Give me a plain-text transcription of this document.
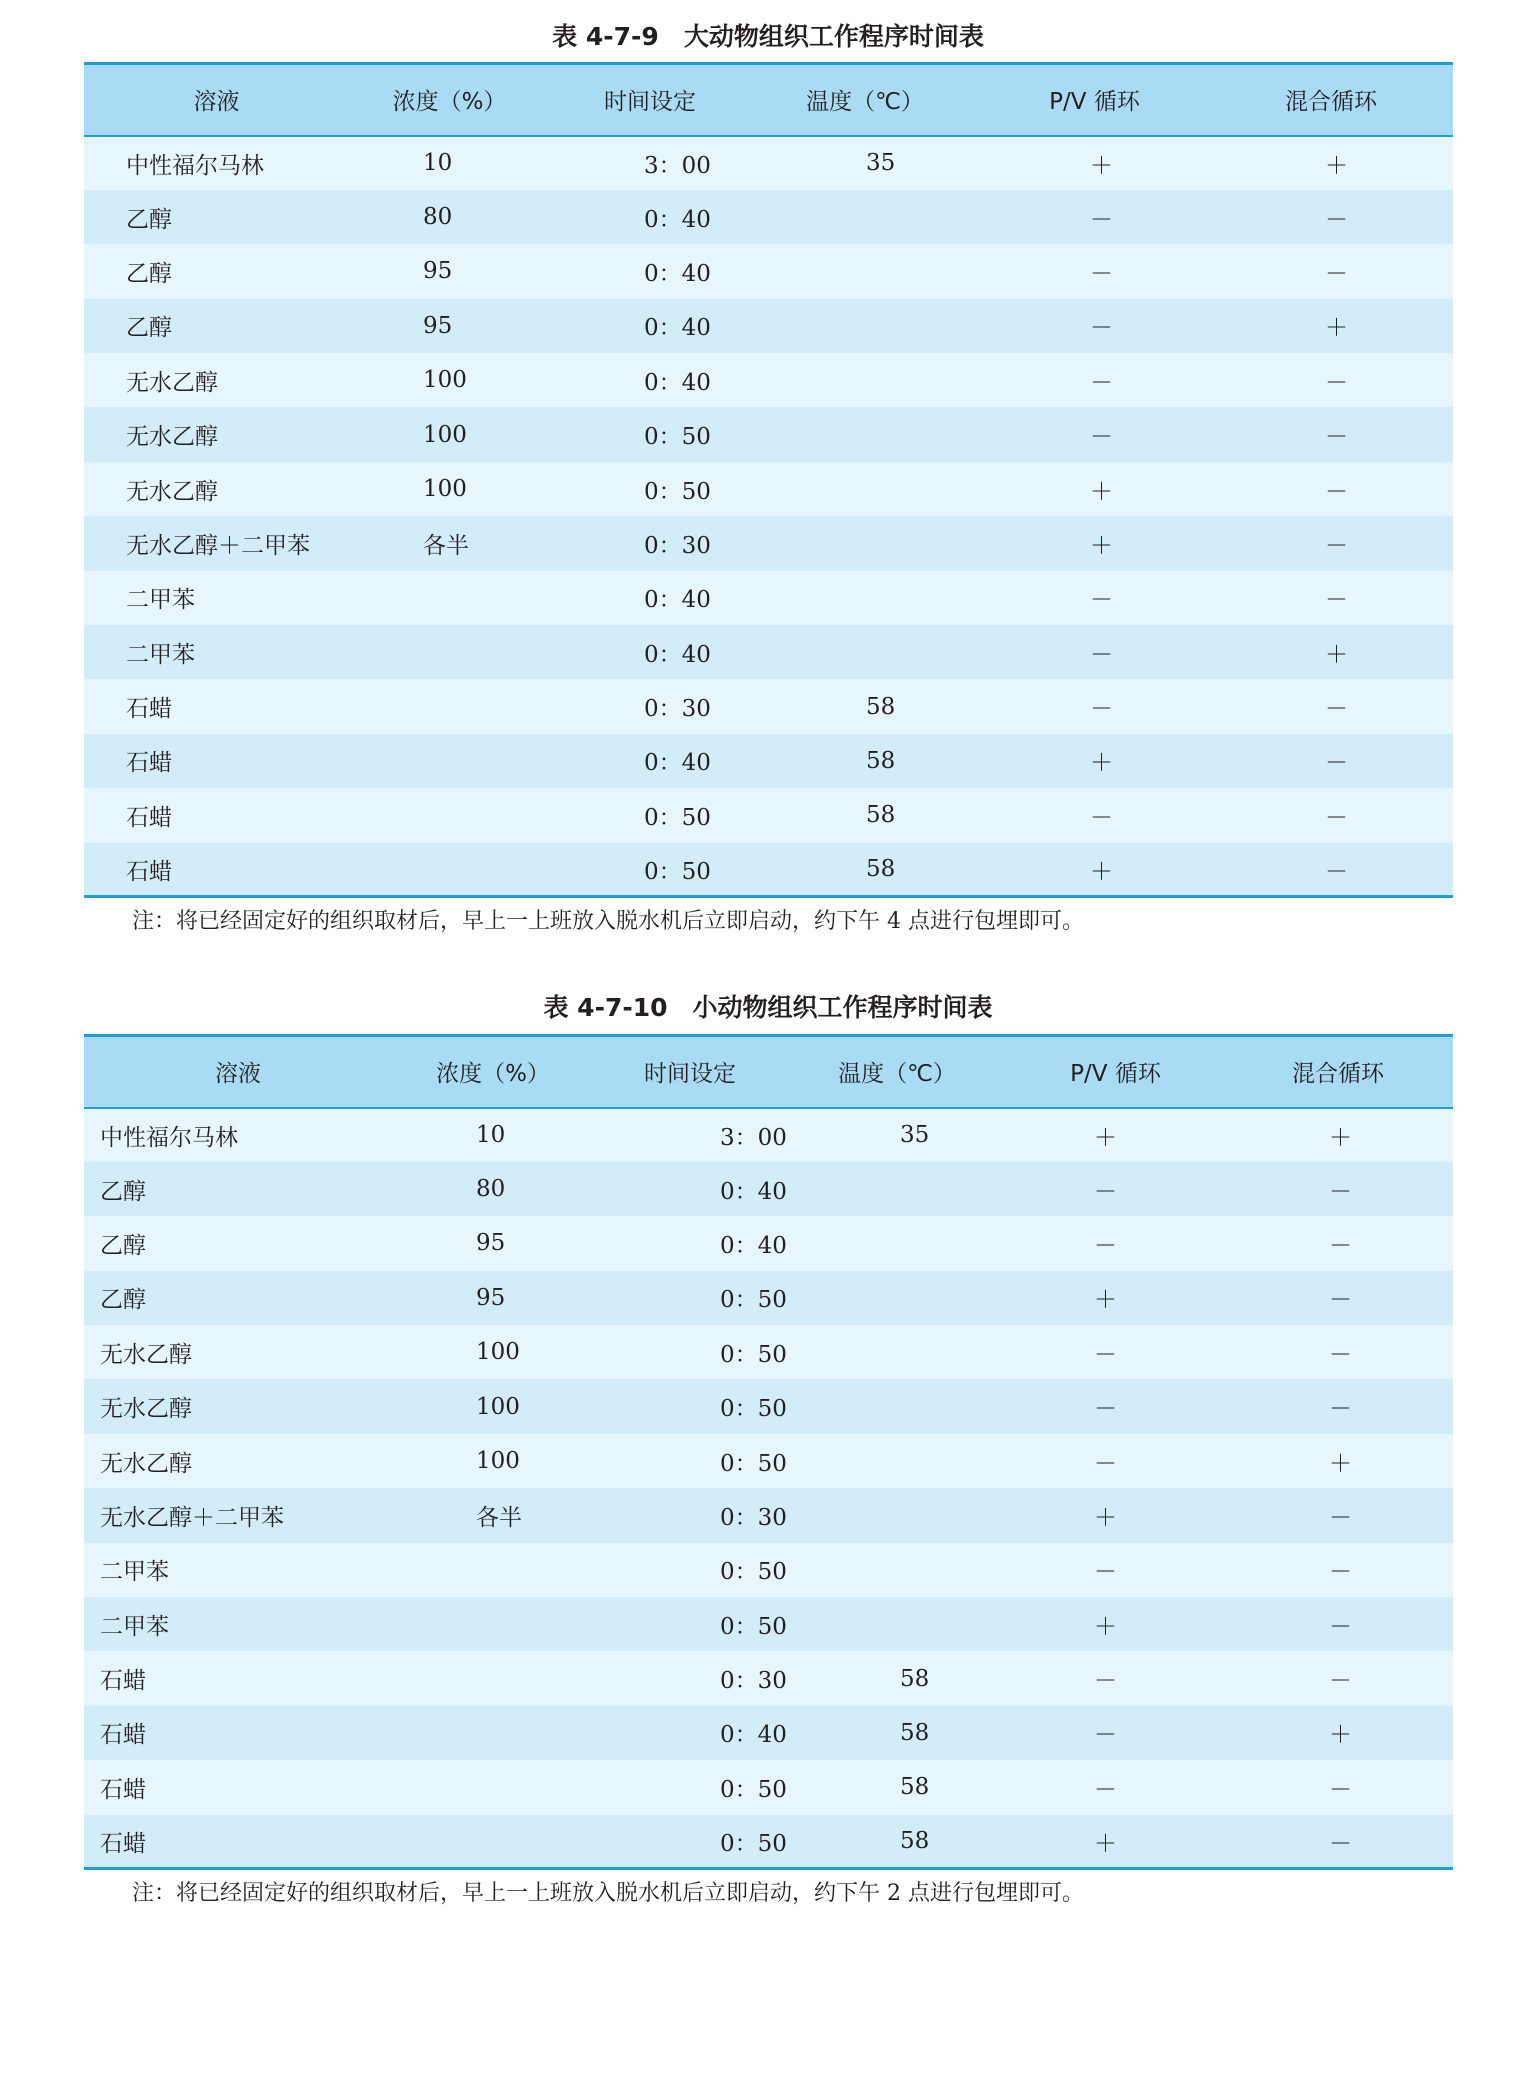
表 4-7-9　大动物组织工作程序时间表
溶液	浓度（%）	时间设定	温度（℃）	P/V 循环	混合循环
中性福尔马林	10	3：00	35	＋	＋
乙醇	80	0：40		－	－
乙醇	95	0：40		－	－
乙醇	95	0：40		－	＋
无水乙醇	100	0：40		－	－
无水乙醇	100	0：50		－	－
无水乙醇	100	0：50		＋	－
无水乙醇＋二甲苯	各半	0：30		＋	－
二甲苯		0：40		－	－
二甲苯		0：40		－	＋
石蜡		0：30	58	－	－
石蜡		0：40	58	＋	－
石蜡		0：50	58	－	－
石蜡		0：50	58	＋	－

注：将已经固定好的组织取材后，早上一上班放入脱水机后立即启动，约下午 4 点进行包埋即可。

表 4-7-10　小动物组织工作程序时间表
溶液	浓度（%）	时间设定	温度（℃）	P/V 循环	混合循环
中性福尔马林	10	3：00	35	＋	＋
乙醇	80	0：40		－	－
乙醇	95	0：40		－	－
乙醇	95	0：50		＋	－
无水乙醇	100	0：50		－	－
无水乙醇	100	0：50		－	－
无水乙醇	100	0：50		－	＋
无水乙醇＋二甲苯	各半	0：30		＋	－
二甲苯		0：50		－	－
二甲苯		0：50		＋	－
石蜡		0：30	58	－	－
石蜡		0：40	58	－	＋
石蜡		0：50	58	－	－
石蜡		0：50	58	＋	－

注：将已经固定好的组织取材后，早上一上班放入脱水机后立即启动，约下午 2 点进行包埋即可。
